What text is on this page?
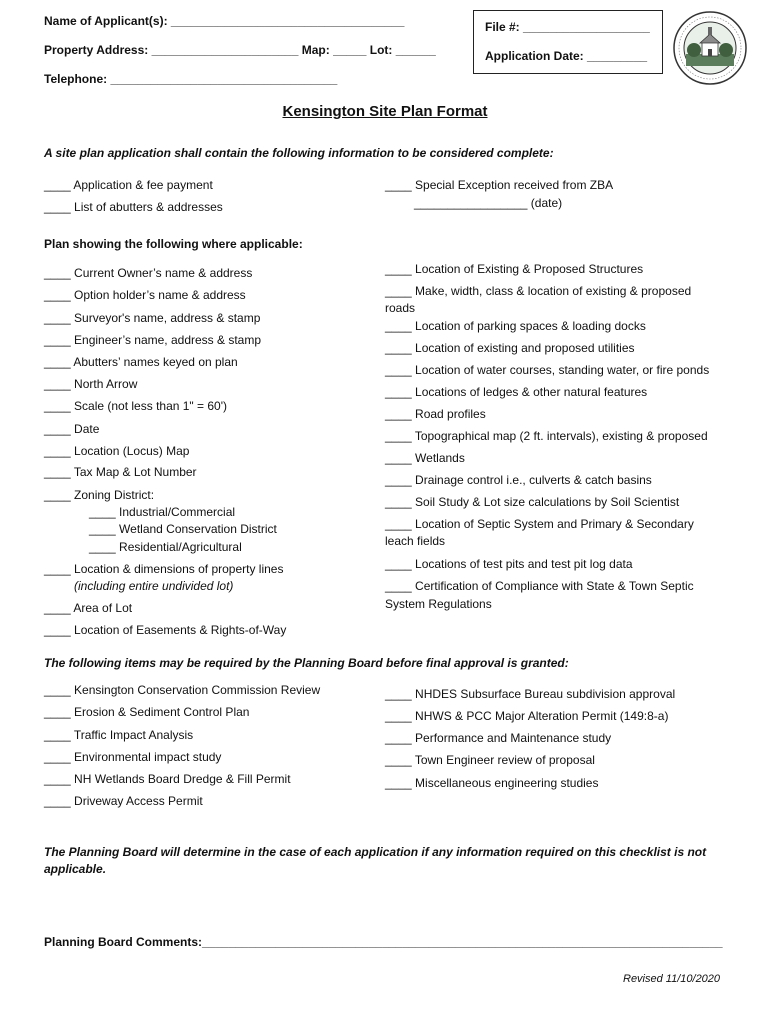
Name of Applicant(s): ___________________________________
Property Address: ______________________ Map: _____ Lot: ______
Telephone: __________________________________
File #: ___________________
Application Date: _________
Kensington Site Plan Format
A site plan application shall contain the following information to be considered complete:
____ Application & fee payment
____ List of abutters & addresses
____ Special Exception received from ZBA
_________________ (date)
Plan showing the following where applicable:
____ Current Owner’s name & address
____ Option holder’s name & address
____ Surveyor's name, address & stamp
____ Engineer’s name, address & stamp
____ Abutters’ names keyed on plan
____ North Arrow
____ Scale (not less than 1" = 60')
____ Date
____ Location (Locus) Map
____ Tax Map & Lot Number
____ Zoning District:
____ Industrial/Commercial
____ Wetland Conservation District
____ Residential/Agricultural
____ Location & dimensions of property lines
(including entire undivided lot)
____ Area of Lot
____ Location of Easements & Rights-of-Way
____ Location of Existing & Proposed Structures
____ Make, width, class & location of existing & proposed
roads
____ Location of parking spaces & loading docks
____ Location of existing and proposed utilities
____ Location of water courses, standing water, or fire ponds
____ Locations of ledges & other natural features
____ Road profiles
____ Topographical map (2 ft. intervals), existing & proposed
____ Wetlands
____ Drainage control i.e., culverts & catch basins
____ Soil Study & Lot size calculations by Soil Scientist
____ Location of Septic System and Primary & Secondary
leach fields
____ Locations of test pits and test pit log data
____ Certification of Compliance with State & Town Septic
System Regulations
The following items may be required by the Planning Board before final approval is granted:
____ Kensington Conservation Commission Review
____ Erosion & Sediment Control Plan
____ Traffic Impact Analysis
____ Environmental impact study
____ NH Wetlands Board Dredge & Fill Permit
____ Driveway Access Permit
____ NHDES Subsurface Bureau subdivision approval
____ NHWS & PCC Major Alteration Permit (149:8-a)
____ Performance and Maintenance study
____ Town Engineer review of proposal
____ Miscellaneous engineering studies
The Planning Board will determine in the case of each application if any information required on this checklist is not
applicable.
Planning Board Comments:______________________________________________________________________________
Revised 11/10/2020
